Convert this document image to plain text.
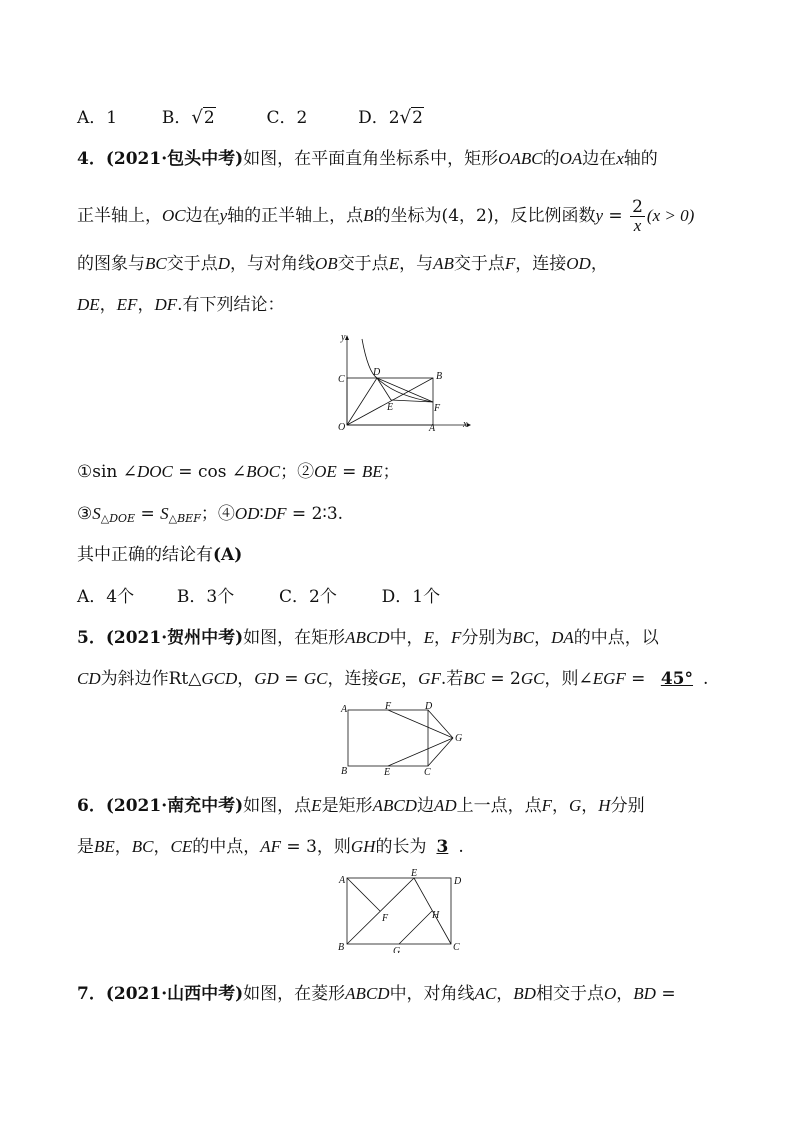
A．1	B．√2	C．2	D．2√2
4．(2021·包头中考)如图，在平面直角坐标系中，矩形OABC的OA边在x轴的
正半轴上，OC边在y轴的正半轴上，点B的坐标为(4，2)，反比例函数$y = \frac{2}{x} (x > 0)$
的图象与BC交于点D，与对角线OB交于点E，与AB交于点F，连接OD，
DE，EF，DF.有下列结论：
y
x
O	A
B
C
D
E	F
①sin ∠DOC = cos ∠BOC；②OE = BE；
$③S_{\triangle DOE} = S_{\triangle BEF}$；④OD∶DF = 2∶3.
其中正确的结论有(A)
A．4个	B．3个	C．2个	D．1个
5．(2021·贺州中考)如图，在矩形ABCD中，E，F分别为BC，DA的中点，以
CD为斜边作Rt△GCD，GD = GC，连接GE，GF.若BC = 2GC，则∠EGF = 45° .
A	F	D
G
B	E	C
6．(2021·南充中考)如图，点E是矩形ABCD边AD上一点，点F，G，H分别
是BE，BC，CE的中点，AF = 3，则GH的长为 3 .
A
E
D
F	H
B	G	C
7．(2021·山西中考)如图，在菱形ABCD中，对角线AC，BD相交于点O，BD =
